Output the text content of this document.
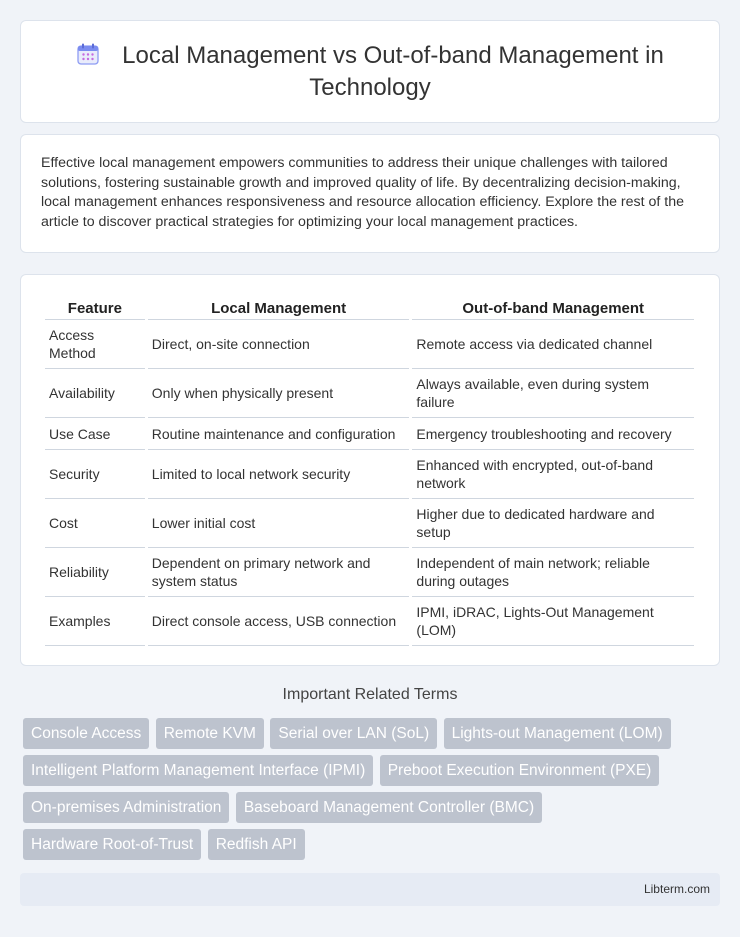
Local Management vs Out-of-band Management in Technology

Effective local management empowers communities to address their unique challenges with tailored solutions, fostering sustainable growth and improved quality of life. By decentralizing decision-making, local management enhances responsiveness and resource allocation efficiency. Explore the rest of the article to discover practical strategies for optimizing your local management practices.

Feature	Local Management	Out-of-band Management
Access Method	Direct, on-site connection	Remote access via dedicated channel
Availability	Only when physically present	Always available, even during system failure
Use Case	Routine maintenance and configuration	Emergency troubleshooting and recovery
Security	Limited to local network security	Enhanced with encrypted, out-of-band network
Cost	Lower initial cost	Higher due to dedicated hardware and setup
Reliability	Dependent on primary network and system status	Independent of main network; reliable during outages
Examples	Direct console access, USB connection	IPMI, iDRAC, Lights-Out Management (LOM)
Important Related Terms
Console Access Remote KVM Serial over LAN (SoL) Lights-out Management (LOM) Intelligent Platform Management Interface (IPMI) Preboot Execution Environment (PXE) On-premises Administration Baseboard Management Controller (BMC) Hardware Root-of-Trust Redfish API
Libterm.com
